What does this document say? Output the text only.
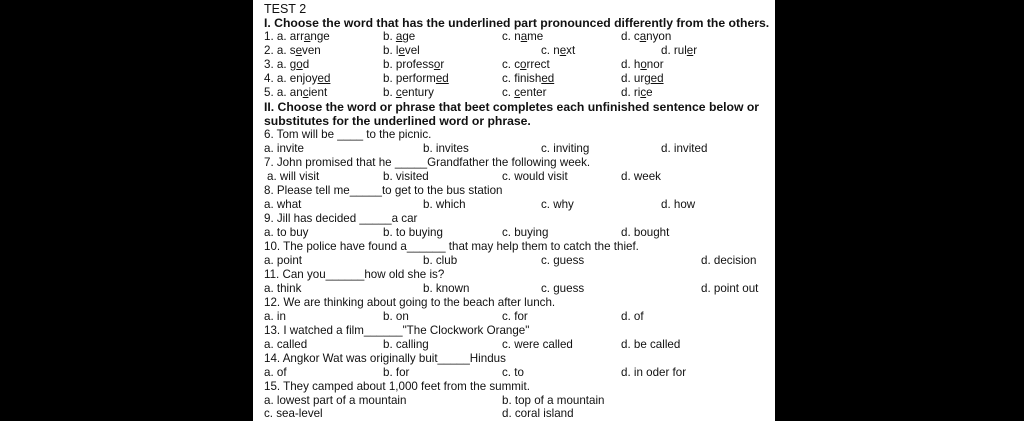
TEST 2
I. Choose the word that has the underlined part pronounced differently from the others.
II. Choose the word or phrase that beet completes each unfinished sentence below or
substitutes for the underlined word or phrase.
1. a. arrange	b. age	c. name	d. canyon
2. a. seven	b. level	c. next	d. ruler
3. a. god	b. professor	c. correct	d. honor
4. a. enjoyed	b. performed	c. finished	d. urged
5. a. ancient	b. century	c. center	d. rice
6. Tom will be ____ to the picnic.
a. invite	b. invites	c. inviting	d. invited
7. John promised that he _____Grandfather the following week.
a. will visit	b. visited	c. would visit	d. week
8. Please tell me_____to get to the bus station
a. what	b. which	c. why	d. how
9. Jill has decided _____a car
a. to buy	b. to buying	c. buying	d. bought
10. The police have found a______ that may help them to catch the thief.
a. point	b. club	c. guess	d. decision
11. Can you______how old she is?
a. think	b. known	c. guess	d. point out
12. We are thinking about going to the beach after lunch.
a. in	b. on	c. for	d. of
13. I watched a film______"The Clockwork Orange"
a. called	b. calling	c. were called	d. be called
14. Angkor Wat was originally buit_____Hindus
a. of	b. for	c. to	d. in oder for
15. They camped about 1,000 feet from the summit.
a. lowest part of a mountain	b. top of a mountain
c. sea-level	d. coral island
